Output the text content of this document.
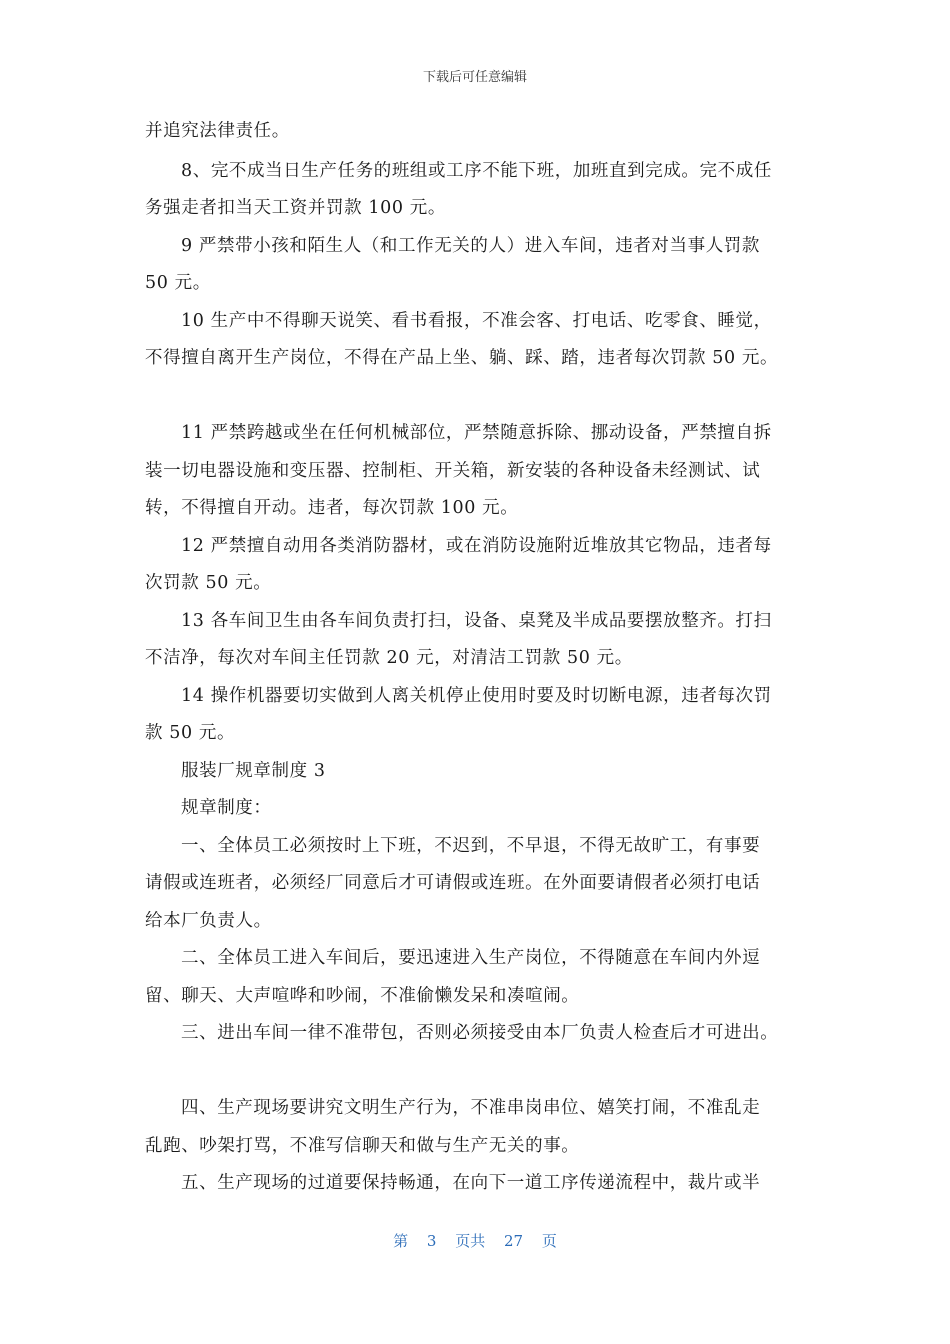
下载后可任意编辑
并追究法律责任。
8、完不成当日生产任务的班组或工序不能下班，加班直到完成。完不成任
务强走者扣当天工资并罚款 100 元。
9 严禁带小孩和陌生人（和工作无关的人）进入车间，违者对当事人罚款
50 元。
10 生产中不得聊天说笑、看书看报，不准会客、打电话、吃零食、睡觉，
不得擅自离开生产岗位，不得在产品上坐、躺、踩、踏，违者每次罚款 50 元。
11 严禁跨越或坐在任何机械部位，严禁随意拆除、挪动设备，严禁擅自拆
装一切电器设施和变压器、控制柜、开关箱，新安装的各种设备未经测试、试
转，不得擅自开动。违者，每次罚款 100 元。
12 严禁擅自动用各类消防器材，或在消防设施附近堆放其它物品，违者每
次罚款 50 元。
13 各车间卫生由各车间负责打扫，设备、桌凳及半成品要摆放整齐。打扫
不洁净，每次对车间主任罚款 20 元，对清洁工罚款 50 元。
14 操作机器要切实做到人离关机停止使用时要及时切断电源，违者每次罚
款 50 元。
服装厂规章制度 3
规章制度：
一、全体员工必须按时上下班，不迟到，不早退，不得无故旷工，有事要
请假或连班者，必须经厂同意后才可请假或连班。在外面要请假者必须打电话
给本厂负责人。
二、全体员工进入车间后，要迅速进入生产岗位，不得随意在车间内外逗
留、聊天、大声喧哗和吵闹，不准偷懒发呆和凑喧闹。
三、进出车间一律不准带包，否则必须接受由本厂负责人检查后才可进出。
四、生产现场要讲究文明生产行为，不准串岗串位、嬉笑打闹，不准乱走
乱跑、吵架打骂，不准写信聊天和做与生产无关的事。
五、生产现场的过道要保持畅通，在向下一道工序传递流程中，裁片或半
第 3 页共 27 页
